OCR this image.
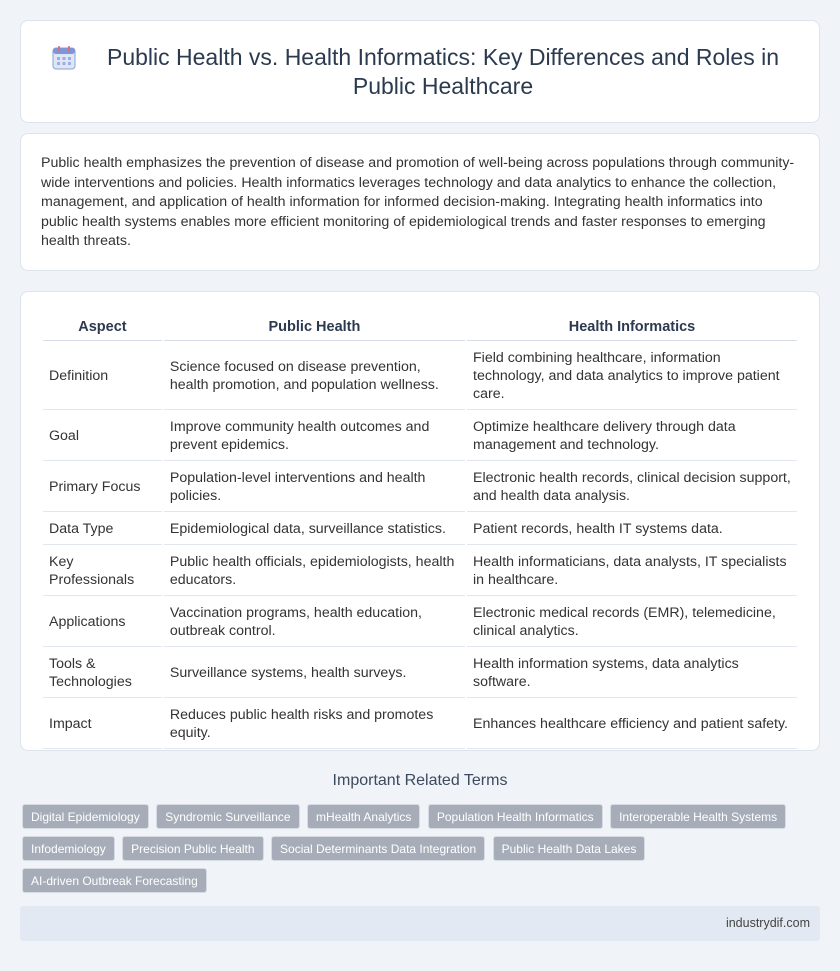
Public Health vs. Health Informatics: Key Differences and Roles in Public Healthcare

Public health emphasizes the prevention of disease and promotion of well-being across populations through community-wide interventions and policies. Health informatics leverages technology and data analytics to enhance the collection, management, and application of health information for informed decision-making. Integrating health informatics into public health systems enables more efficient monitoring of epidemiological trends and faster responses to emerging health threats.

Aspect	Public Health	Health Informatics
Definition	Science focused on disease prevention, health promotion, and population wellness.	Field combining healthcare, information technology, and data analytics to improve patient care.
Goal	Improve community health outcomes and prevent epidemics.	Optimize healthcare delivery through data management and technology.
Primary Focus	Population-level interventions and health policies.	Electronic health records, clinical decision support, and health data analysis.
Data Type	Epidemiological data, surveillance statistics.	Patient records, health IT systems data.
Key Professionals	Public health officials, epidemiologists, health educators.	Health informaticians, data analysts, IT specialists in healthcare.
Applications	Vaccination programs, health education, outbreak control.	Electronic medical records (EMR), telemedicine, clinical analytics.
Tools & Technologies	Surveillance systems, health surveys.	Health information systems, data analytics software.
Impact	Reduces public health risks and promotes equity.	Enhances healthcare efficiency and patient safety.
Important Related Terms
Digital Epidemiology Syndromic Surveillance mHealth Analytics Population Health Informatics Interoperable Health Systems Infodemiology Precision Public Health Social Determinants Data Integration Public Health Data Lakes AI-driven Outbreak Forecasting
industrydif.com
